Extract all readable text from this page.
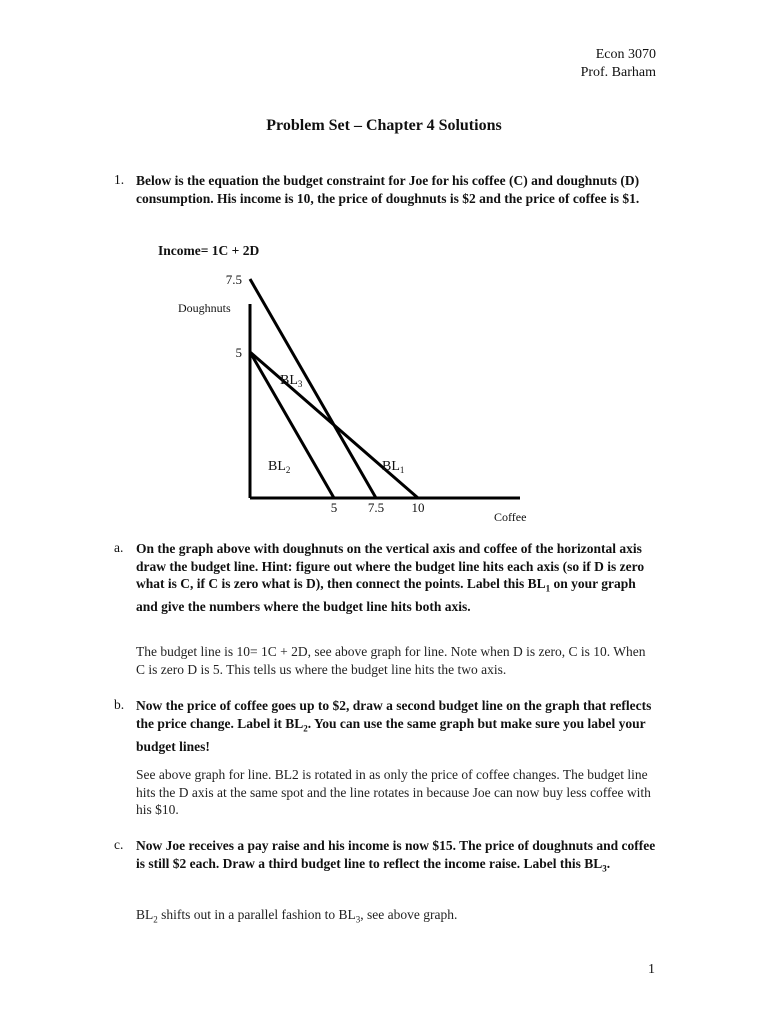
Econ 3070
Prof. Barham
Problem Set – Chapter 4 Solutions
1. Below is the equation the budget constraint for Joe for his coffee (C) and doughnuts (D) consumption. His income is 10, the price of doughnuts is $2 and the price of coffee is $1.
Income= 1C + 2D
Doughnuts
Coffee
7.5
5
5 7.5 10
$BL_1$
$BL_2$
$BL_3$
a. On the graph above with doughnuts on the vertical axis and coffee of the horizontal axis draw the budget line. Hint: figure out where the budget line hits each axis (so if D is zero what is C, if C is zero what is D), then connect the points. Label this $BL_1$ on your graph and give the numbers where the budget line hits both axis.
The budget line is 10= 1C + 2D, see above graph for line. Note when D is zero, C is 10. When C is zero D is 5. This tells us where the budget line hits the two axis.
b. Now the price of coffee goes up to $2, draw a second budget line on the graph that reflects the price change. Label it $BL_2$. You can use the same graph but make sure you label your budget lines!
See above graph for line. BL2 is rotated in as only the price of coffee changes. The budget line hits the D axis at the same spot and the line rotates in because Joe can now buy less coffee with his $10.
c. Now Joe receives a pay raise and his income is now $15. The price of doughnuts and coffee is still $2 each. Draw a third budget line to reflect the income raise. Label this $BL_3$.
$BL_2$ shifts out in a parallel fashion to $BL_3$, see above graph.
1
